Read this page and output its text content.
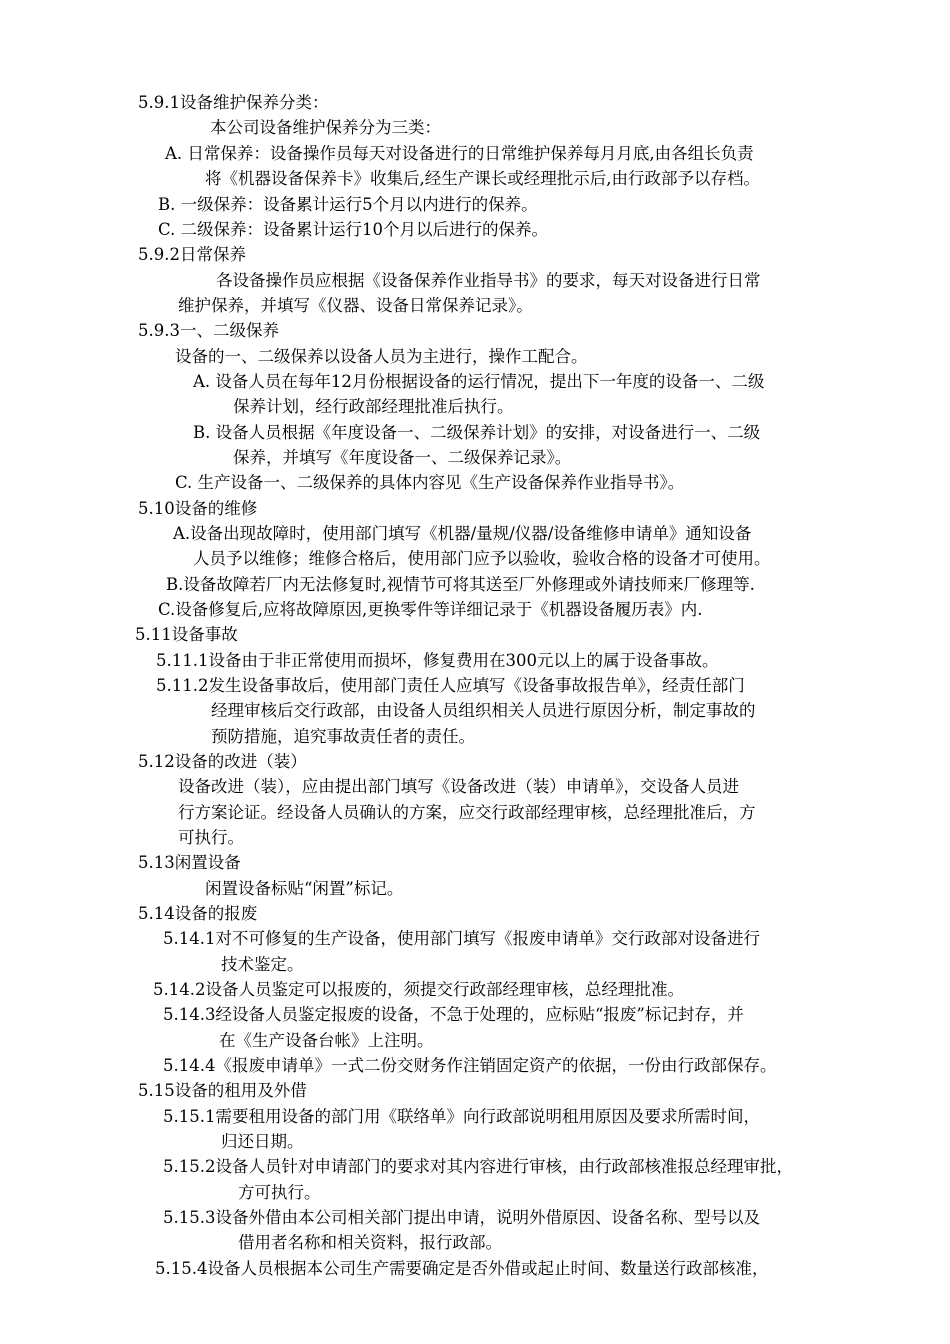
5.9.1设备维护保养分类：
本公司设备维护保养分为三类：
A. 日常保养：设备操作员每天对设备进行的日常维护保养每月月底,由各组长负责
将《机器设备保养卡》收集后,经生产课长或经理批示后,由行政部予以存档。
B. 一级保养：设备累计运行5个月以内进行的保养。
C. 二级保养：设备累计运行10个月以后进行的保养。
5.9.2日常保养
各设备操作员应根据《设备保养作业指导书》的要求，每天对设备进行日常
维护保养，并填写《仪器、设备日常保养记录》。
5.9.3一、二级保养
设备的一、二级保养以设备人员为主进行，操作工配合。
A. 设备人员在每年12月份根据设备的运行情况，提出下一年度的设备一、二级
保养计划，经行政部经理批准后执行。
B. 设备人员根据《年度设备一、二级保养计划》的安排，对设备进行一、二级
保养，并填写《年度设备一、二级保养记录》。
C. 生产设备一、二级保养的具体内容见《生产设备保养作业指导书》。
5.10设备的维修
A.设备出现故障时，使用部门填写《机器/量规/仪器/设备维修申请单》通知设备
人员予以维修；维修合格后，使用部门应予以验收，验收合格的设备才可使用。
B.设备故障若厂内无法修复时,视情节可将其送至厂外修理或外请技师来厂修理等.
C.设备修复后,应将故障原因,更换零件等详细记录于《机器设备履历表》内.
5.11设备事故
5.11.1设备由于非正常使用而损坏，修复费用在300元以上的属于设备事故。
5.11.2发生设备事故后，使用部门责任人应填写《设备事故报告单》，经责任部门
经理审核后交行政部，由设备人员组织相关人员进行原因分析，制定事故的
预防措施，追究事故责任者的责任。
5.12设备的改进（装）
设备改进（装），应由提出部门填写《设备改进（装）申请单》，交设备人员进
行方案论证。经设备人员确认的方案，应交行政部经理审核，总经理批准后，方
可执行。
5.13闲置设备
闲置设备标贴“闲置”标记。
5.14设备的报废
5.14.1对不可修复的生产设备，使用部门填写《报废申请单》交行政部对设备进行
技术鉴定。
5.14.2设备人员鉴定可以报废的，须提交行政部经理审核，总经理批准。
5.14.3经设备人员鉴定报废的设备，不急于处理的，应标贴“报废”标记封存，并
在《生产设备台帐》上注明。
5.14.4《报废申请单》一式二份交财务作注销固定资产的依据，一份由行政部保存。
5.15设备的租用及外借
5.15.1需要租用设备的部门用《联络单》向行政部说明租用原因及要求所需时间，
归还日期。
5.15.2设备人员针对申请部门的要求对其内容进行审核，由行政部核准报总经理审批，
方可执行。
5.15.3设备外借由本公司相关部门提出申请，说明外借原因、设备名称、型号以及
借用者名称和相关资料，报行政部。
5.15.4设备人员根据本公司生产需要确定是否外借或起止时间、数量送行政部核准，
